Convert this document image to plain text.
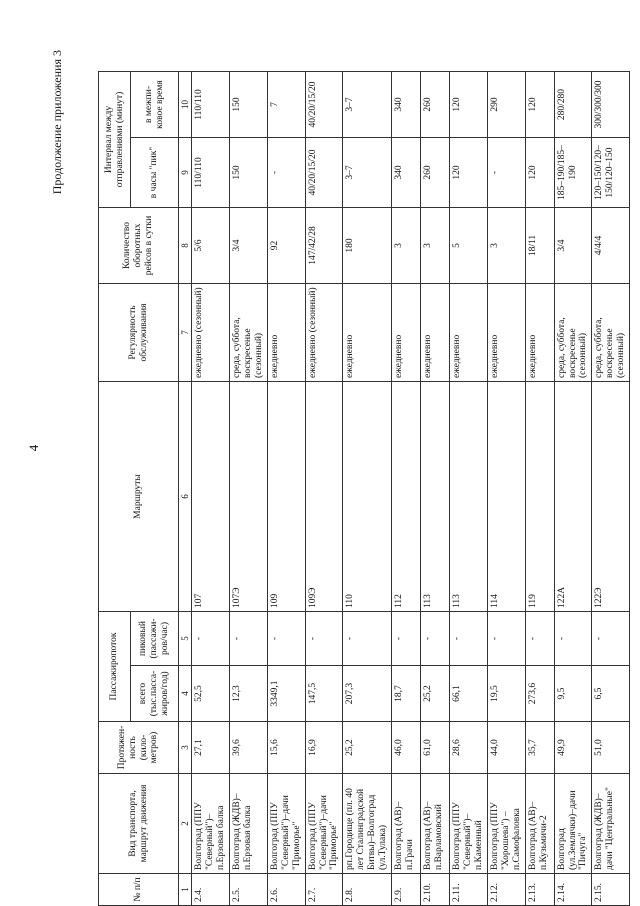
4
Продолжение приложения 3
№ п/п	Вид транспорта, маршрут движения	Протяжен-ность (кило-метров)	Пассажиропоток		Маршруты	Регулярность обслуживания	Количество оборотных рейсов в сутки	Интервал между отправлениями (минут)	
			всего (тыс.пасса-жиров/год)	пиковый (пассажи-ров/час)				в часы "пик"	в межпи-ковое время
1	2	3	4	5	6	7	8	9	10
2.4.	Волгоград (ППУ "Северный")–п.Ерзовая балка	27,1	52,5	-	107	ежедневно (сезонный)	5/6	110/110	110/110
2.5.	Волгоград (ЖДВ)–п.Ерзовая балка	39,6	12,3	-	107Э	среда, суббота, воскресенье (сезонный)	3/4	150	150
2.6.	Волгоград (ППУ "Северный")–дачи "Приморье"	15,6	3349,1	-	109	ежедневно	92	-	7
2.7.	Волгоград (ППУ "Северный")–дачи "Приморье"	16,9	147,5	-	109Э	ежедневно (сезонный)	147/42/28	40/20/15/20	40/20/15/20
2.8.	рп.Городище (пл. 40 лет Сталинградской Битвы)–Волгоград (ул.Тулака)	25,2	207,3	-	110	ежедневно	180	3–7	3–7
2.9.	Волгоград (АВ)–п.Грачи	46,0	18,7	-	112	ежедневно	3	340	340
2.10.	Волгоград (АВ)–п.Варламовский	61,0	25,2	-	113	ежедневно	3	260	260
2.11.	Волгоград (ППУ "Северный")–п.Каменный	28,6	66,1	-	113	ежедневно	5	120	120
2.12.	Волгоград (ППУ "Хорошева") – п.Самофаловка	44,0	19,5	-	114	ежедневно	3	-	290
2.13.	Волгоград (АВ)–п.Кузьмичи-2	35,7	273,6	-	119	ежедневно	18/11	120	120
2.14.	Волгоград (ул.Землячки)–дачи "Пичуга"	49,9	9,5	-	122А	среда, суббота, воскресенье (сезонный)	3/4	185–190/185–190	280/280
2.15.	Волгоград (ЖДВ)–дачи "Центральные"	51,0	6,5	-	122Э	среда, суббота, воскресенье (сезонный)	4/4/4	120–150/120–150/120–150	300/300/300
